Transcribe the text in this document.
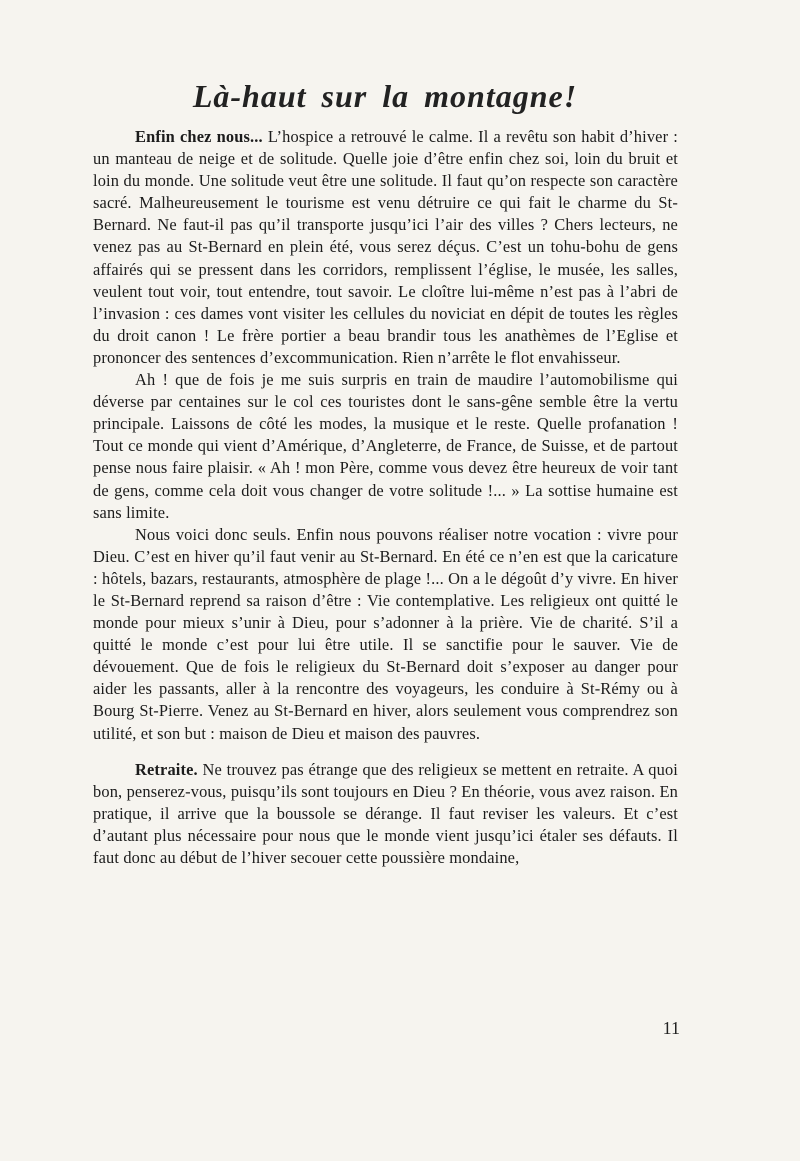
Là-haut sur la montagne!

Enfin chez nous... L’hospice a retrouvé le calme. Il a revêtu son habit d’hiver : un manteau de neige et de solitude. Quelle joie d’être enfin chez soi, loin du bruit et loin du monde. Une solitude veut être une solitude. Il faut qu’on respecte son caractère sacré. Malheureusement le tourisme est venu détruire ce qui fait le charme du St-Bernard. Ne faut-il pas qu’il transporte jusqu’ici l’air des villes ? Chers lecteurs, ne venez pas au St-Bernard en plein été, vous serez déçus. C’est un tohu-bohu de gens affairés qui se pressent dans les corridors, remplissent l’église, le musée, les salles, veulent tout voir, tout entendre, tout savoir. Le cloître lui-même n’est pas à l’abri de l’invasion : ces dames vont visiter les cellules du noviciat en dépit de toutes les règles du droit canon ! Le frère portier a beau brandir tous les anathèmes de l’Eglise et prononcer des sentences d’excommunication. Rien n’arrête le flot envahisseur.

Ah ! que de fois je me suis surpris en train de maudire l’automobilisme qui déverse par centaines sur le col ces touristes dont le sans-gêne semble être la vertu principale. Laissons de côté les modes, la musique et le reste. Quelle profanation ! Tout ce monde qui vient d’Amérique, d’Angleterre, de France, de Suisse, et de partout pense nous faire plaisir. « Ah ! mon Père, comme vous devez être heureux de voir tant de gens, comme cela doit vous changer de votre solitude !... » La sottise humaine est sans limite.

Nous voici donc seuls. Enfin nous pouvons réaliser notre vocation : vivre pour Dieu. C’est en hiver qu’il faut venir au St-Bernard. En été ce n’en est que la caricature : hôtels, bazars, restaurants, atmosphère de plage !... On a le dégoût d’y vivre. En hiver le St-Bernard reprend sa raison d’être : Vie contemplative. Les religieux ont quitté le monde pour mieux s’unir à Dieu, pour s’adonner à la prière. Vie de charité. S’il a quitté le monde c’est pour lui être utile. Il se sanctifie pour le sauver. Vie de dévouement. Que de fois le religieux du St-Bernard doit s’exposer au danger pour aider les passants, aller à la rencontre des voyageurs, les conduire à St-Rémy ou à Bourg St-Pierre. Venez au St-Bernard en hiver, alors seulement vous comprendrez son utilité, et son but : maison de Dieu et maison des pauvres.

Retraite. Ne trouvez pas étrange que des religieux se mettent en retraite. A quoi bon, penserez-vous, puisqu’ils sont toujours en Dieu ? En théorie, vous avez raison. En pratique, il arrive que la boussole se dérange. Il faut reviser les valeurs. Et c’est d’autant plus nécessaire pour nous que le monde vient jusqu’ici étaler ses défauts. Il faut donc au début de l’hiver secouer cette poussière mondaine,

11
